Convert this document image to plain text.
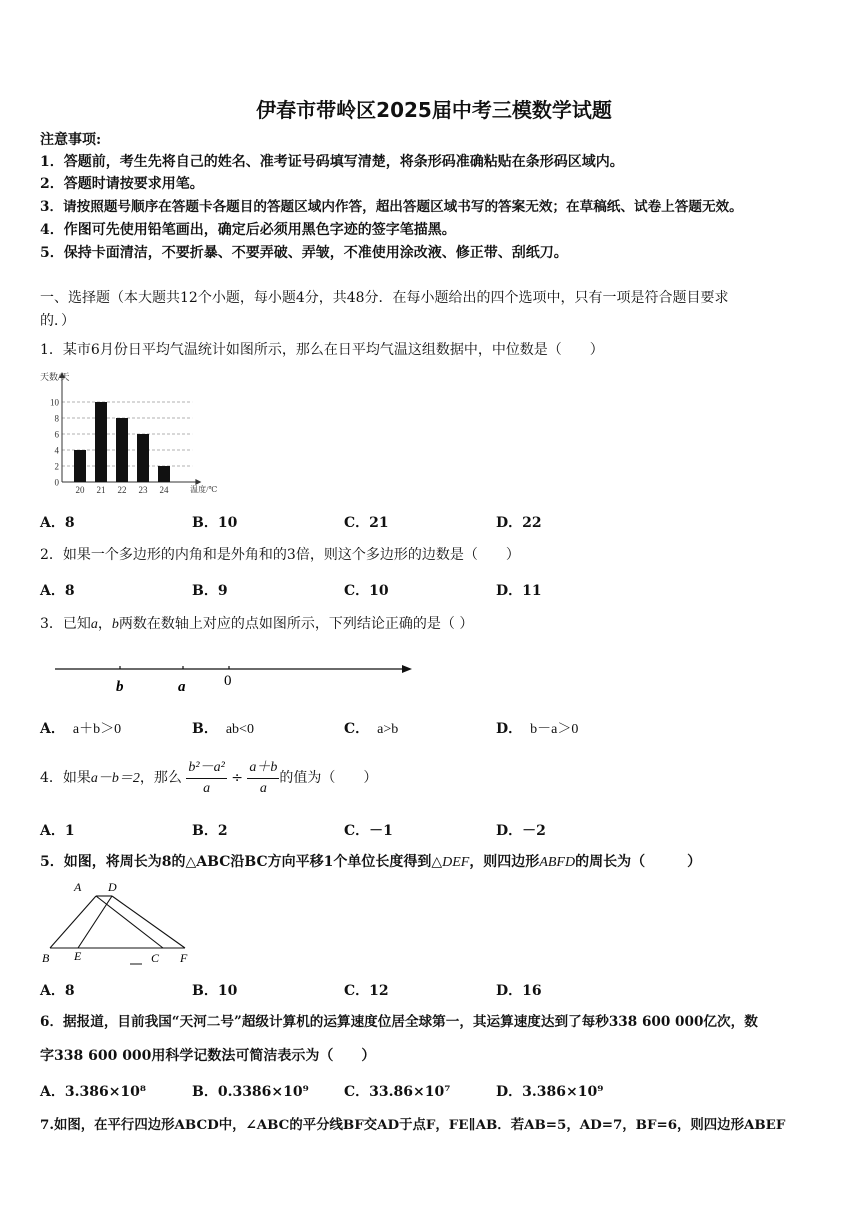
伊春市带岭区2025届中考三模数学试题
注意事项:
1．答题前，考生先将自己的姓名、准考证号码填写清楚，将条形码准确粘贴在条形码区域内。
2．答题时请按要求用笔。
3．请按照题号顺序在答题卡各题目的答题区域内作答，超出答题区域书写的答案无效；在草稿纸、试卷上答题无效。
4．作图可先使用铅笔画出，确定后必须用黑色字迹的签字笔描黑。
5．保持卡面清洁，不要折暴、不要弄破、弄皱，不准使用涂改液、修正带、刮纸刀。
一、选择题（本大题共12个小题，每小题4分，共48分．在每小题给出的四个选项中，只有一项是符合题目要求
的．）
1．某市6月份日平均气温统计如图所示，那么在日平均气温这组数据中，中位数是（　　）
0
2
4
6
8
10
20 21 22 23 24
天数/天
温度/℃
A．8	B．10	C．21	D．22
2．如果一个多边形的内角和是外角和的3倍，则这个多边形的边数是（　　）
A．8	B．9	C．10	D．11
3．已知a，b两数在数轴上对应的点如图所示，下列结论正确的是（ ）
b	a	0
A． a＋b＞0	B． ab<0	C． a>b	D． b－a＞0
4．如果a－b＝2，那么 $\frac{\text{b²－a²}}{a} \div \frac{a+b}{a}$ 的值为（　　）
A．1	B．2	C．－1	D．－2
5．如图，将周长为8的△ABC沿BC方向平移1个单位长度得到△DEF，则四边形ABFD的周长为（　　　）
A D
B E	C F
A．8	B．10	C．12	D．16
6．据报道，目前我国“天河二号”超级计算机的运算速度位居全球第一，其运算速度达到了每秒338 600 000亿次，数
字338 600 000用科学记数法可简洁表示为（　　）
A．3.386×10⁸	B．0.3386×10⁹	C．33.86×10⁷	D．3.386×10⁹
7.如图，在平行四边形ABCD中，∠ABC的平分线BF交AD于点F，FE∥AB．若AB=5，AD=7，BF=6，则四边形ABEF
